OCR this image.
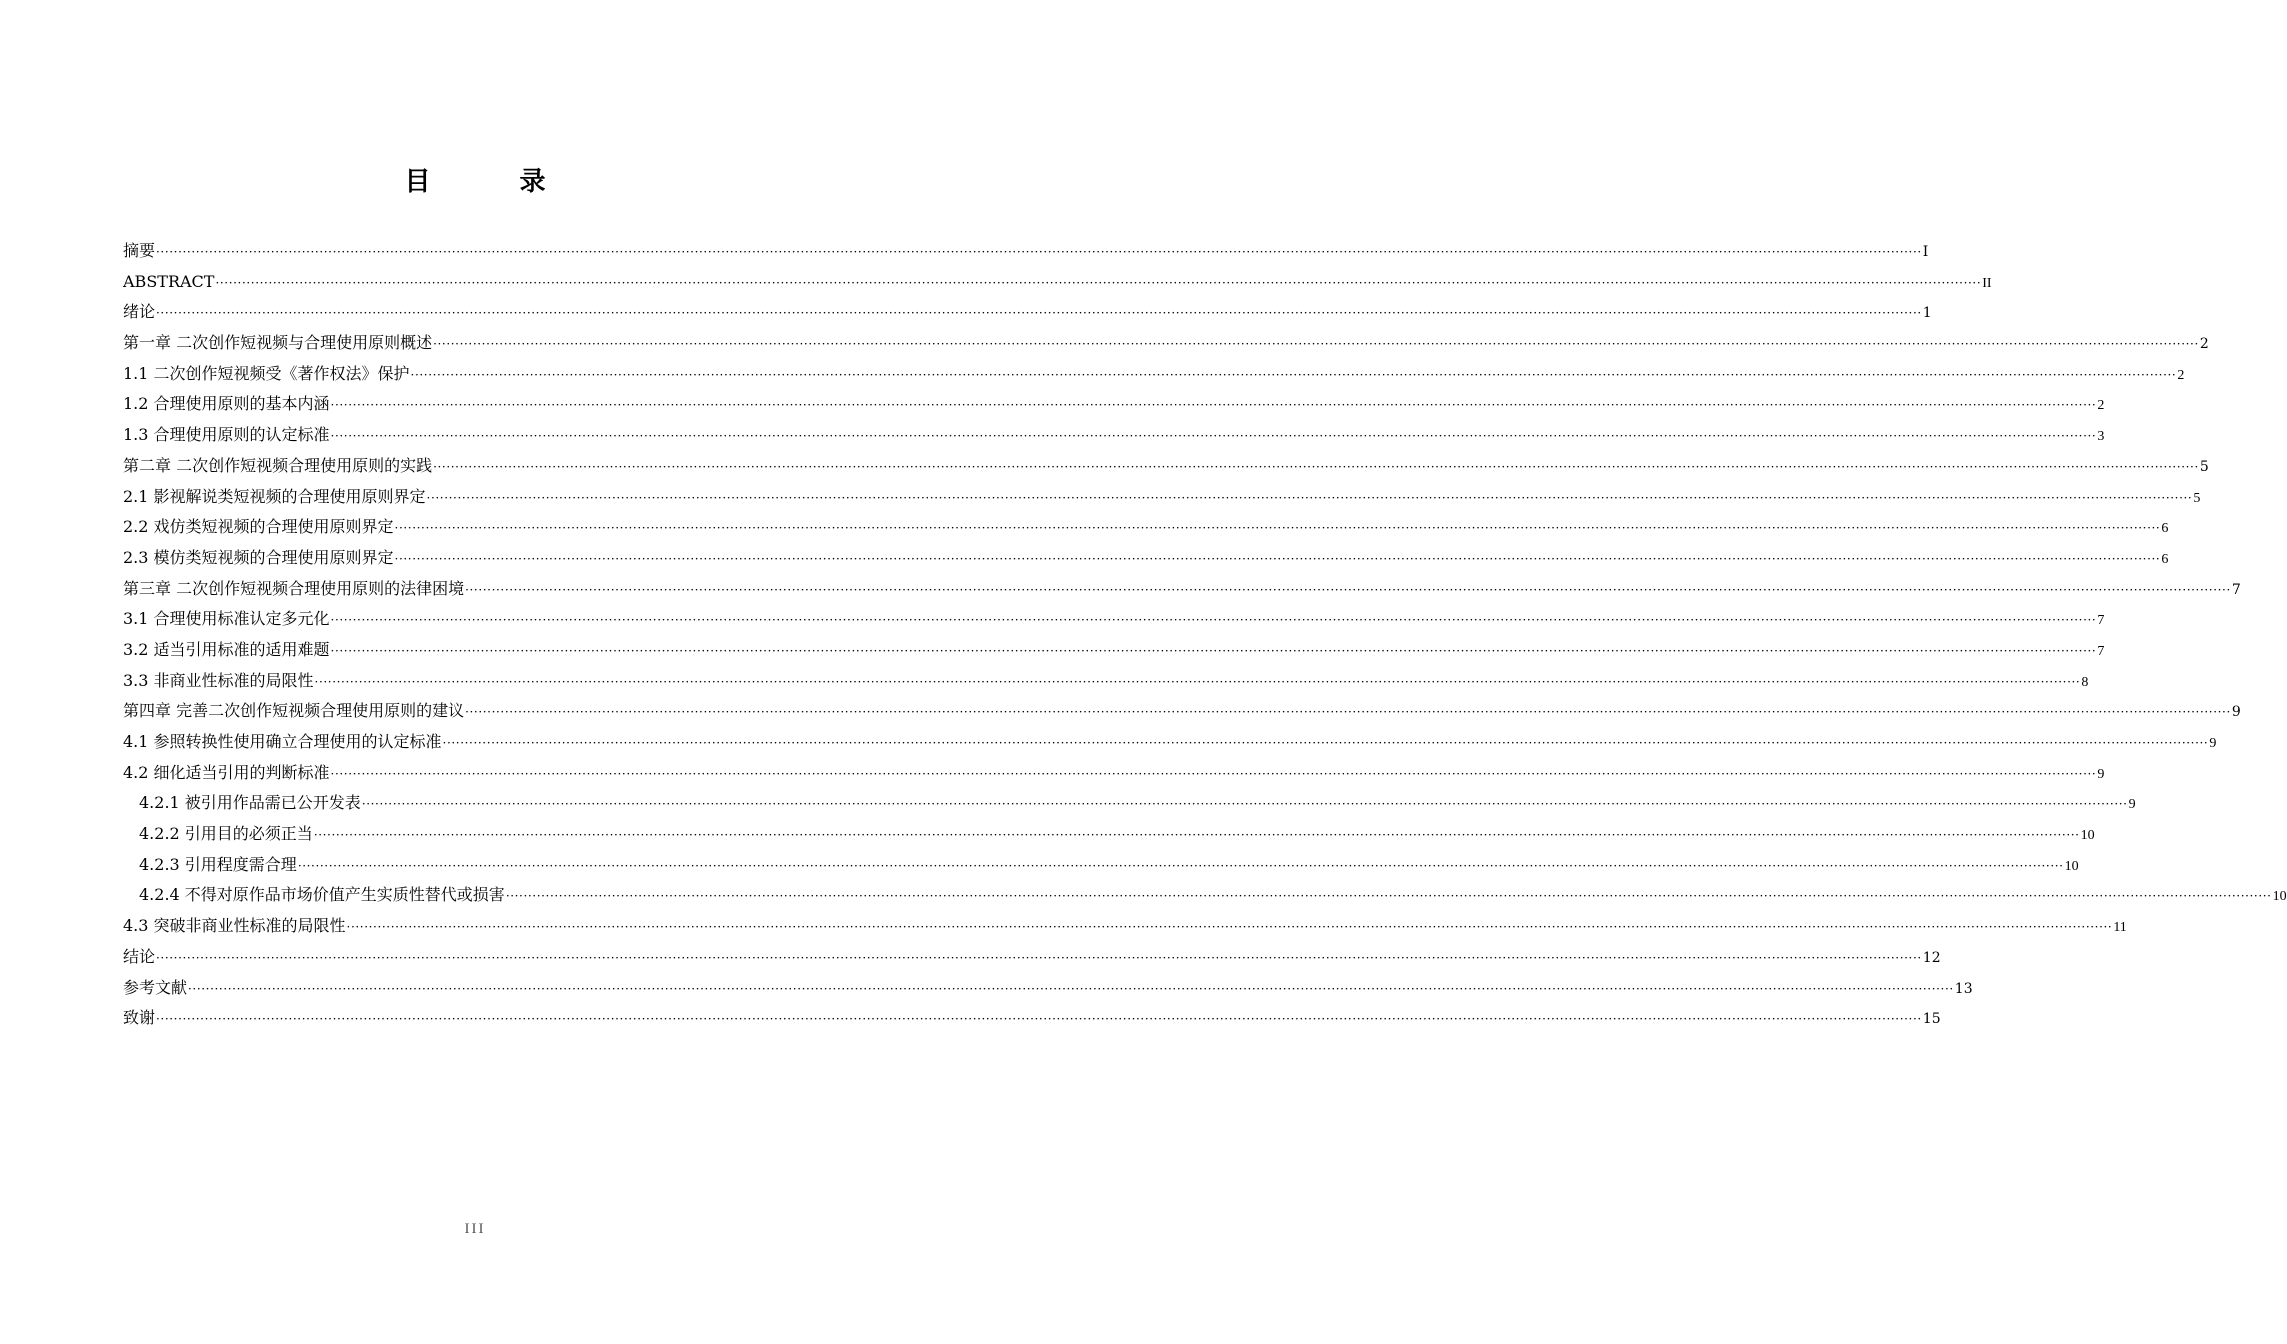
目 录
摘要 ················································································································································································································································································································································································································ I
ABSTRACT ················································································································································································································································································································································································································ II
绪论 ················································································································································································································································································································································································································ 1
第一章 二次创作短视频与合理使用原则概述 ················································································································································································································································································································································································································ 2
1.1 二次创作短视频受《著作权法》保护 ················································································································································································································································································································································································································ 2
1.2 合理使用原则的基本内涵 ················································································································································································································································································································································································································ 2
1.3 合理使用原则的认定标准 ················································································································································································································································································································································································································ 3
第二章 二次创作短视频合理使用原则的实践 ················································································································································································································································································································································································································ 5
2.1 影视解说类短视频的合理使用原则界定 ················································································································································································································································································································································································································ 5
2.2 戏仿类短视频的合理使用原则界定 ················································································································································································································································································································································································································ 6
2.3 模仿类短视频的合理使用原则界定 ················································································································································································································································································································································································································ 6
第三章 二次创作短视频合理使用原则的法律困境 ················································································································································································································································································································································································································ 7
3.1 合理使用标准认定多元化 ················································································································································································································································································································································································································ 7
3.2 适当引用标准的适用难题 ················································································································································································································································································································································································································ 7
3.3 非商业性标准的局限性 ················································································································································································································································································································································································································ 8
第四章 完善二次创作短视频合理使用原则的建议 ················································································································································································································································································································································································································ 9
4.1 参照转换性使用确立合理使用的认定标准 ················································································································································································································································································································································································································ 9
4.2 细化适当引用的判断标准 ················································································································································································································································································································································································································ 9
4.2.1 被引用作品需已公开发表 ················································································································································································································································································································································································································ 9
4.2.2 引用目的必须正当 ················································································································································································································································································································································································································ 10
4.2.3 引用程度需合理 ················································································································································································································································································································································································································ 10
4.2.4 不得对原作品市场价值产生实质性替代或损害 ················································································································································································································································································································································································································ 10
4.3 突破非商业性标准的局限性 ················································································································································································································································································································································································································ 11
结论 ················································································································································································································································································································································································································ 12
参考文献 ················································································································································································································································································································································································································ 13
致谢 ················································································································································································································································································································································································································ 15
III
